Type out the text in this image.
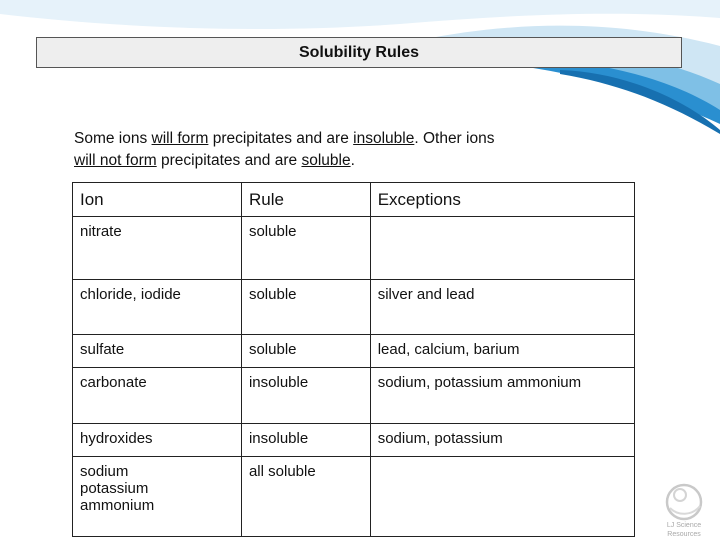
Solubility Rules
Some ions will form precipitates and are insoluble. Other ions
will not form precipitates and are soluble.
Ion	Rule	Exceptions
nitrate	soluble	
chloride, iodide	soluble	silver and lead
sulfate	soluble	lead, calcium, barium
carbonate	insoluble	sodium, potassium ammonium
hydroxides	insoluble	sodium, potassium
sodium potassium ammonium	all soluble	
LJ Science
Resources
